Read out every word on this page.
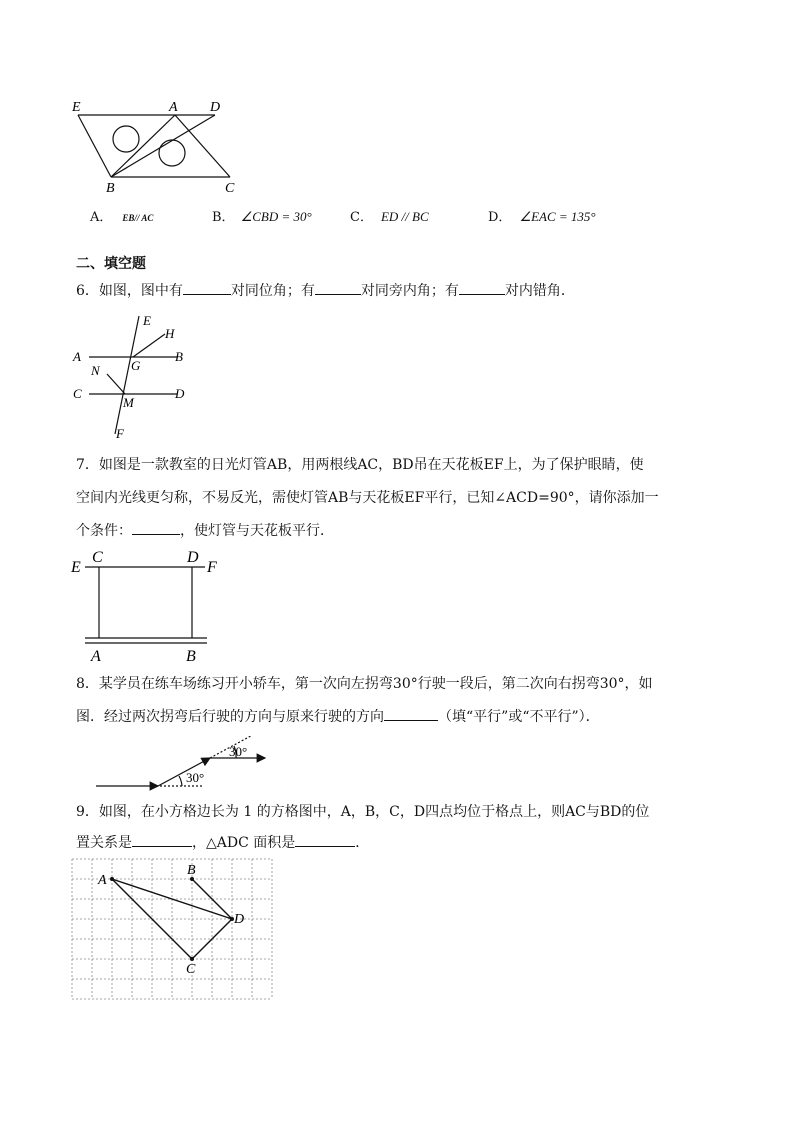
E	A D
B	C
A． EB// AC	B． ∠CBD = 30°	C． ED // BC	D． ∠EAC = 135°
二、填空题
6．如图，图中有	对同位角；有	对同旁内角；有	对内错角．
E
H
A	B
G
N
C
M
D
F
7．如图是一款教室的日光灯管AB，用两根线AC，BD吊在天花板EF上，为了保护眼睛，使
空间内光线更匀称，不易反光，需使灯管AB与天花板EF平行，已知∠ACD=90°，请你添加一
个条件：	，使灯管与天花板平行．
E
C	D
F
A	B
8．某学员在练车场练习开小轿车，第一次向左拐弯30°行驶一段后，第二次向右拐弯30°，如
图．经过两次拐弯后行驶的方向与原来行驶的方向	（填“平行”或“不平行”）．
30°
30°
9．如图，在小方格边长为 1 的方格图中，A，B，C，D四点均位于格点上，则AC与BD的位
置关系是	，△ADC 面积是	．
A
B
C
D
